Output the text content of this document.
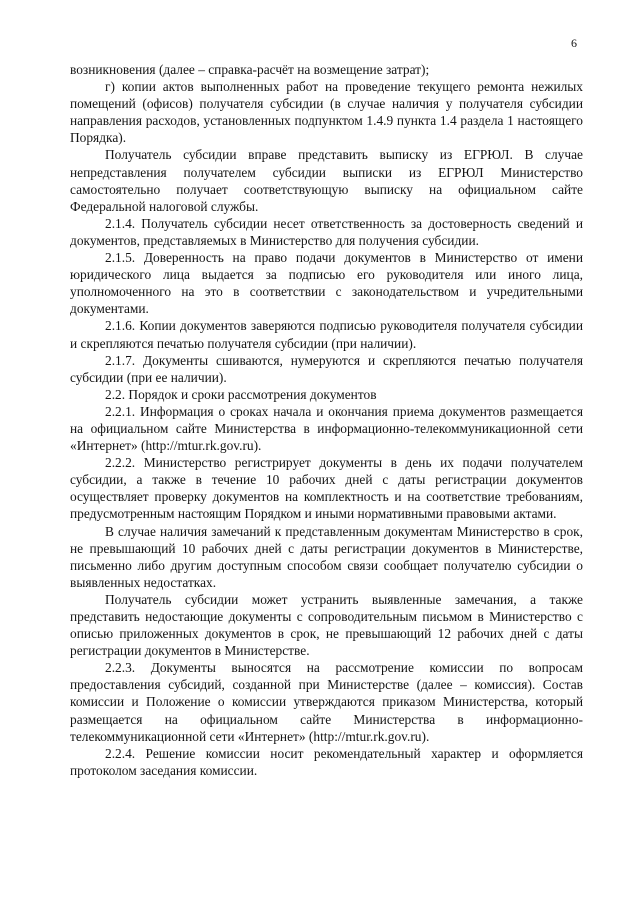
6

возникновения (далее – справка-расчёт на возмещение затрат);

г) копии актов выполненных работ на проведение текущего ремонта нежилых помещений (офисов) получателя субсидии (в случае наличия у получателя субсидии направления расходов, установленных подпунктом 1.4.9 пункта 1.4 раздела 1 настоящего Порядка).

Получатель субсидии вправе представить выписку из ЕГРЮЛ. В случае непредставления получателем субсидии выписки из ЕГРЮЛ Министерство самостоятельно получает соответствующую выписку на официальном сайте Федеральной налоговой службы.

2.1.4. Получатель субсидии несет ответственность за достоверность сведений и документов, представляемых в Министерство для получения субсидии.

2.1.5. Доверенность на право подачи документов в Министерство от имени юридического лица выдается за подписью его руководителя или иного лица, уполномоченного на это в соответствии с законодательством и учредительными документами.

2.1.6. Копии документов заверяются подписью руководителя получателя субсидии и скрепляются печатью получателя субсидии (при наличии).

2.1.7. Документы сшиваются, нумеруются и скрепляются печатью получателя субсидии (при ее наличии).

2.2. Порядок и сроки рассмотрения документов

2.2.1. Информация о сроках начала и окончания приема документов размещается на официальном сайте Министерства в информационно-телекоммуникационной сети «Интернет» (http://mtur.rk.gov.ru).

2.2.2. Министерство регистрирует документы в день их подачи получателем субсидии, а также в течение 10 рабочих дней с даты регистрации документов осуществляет проверку документов на комплектность и на соответствие требованиям, предусмотренным настоящим Порядком и иными нормативными правовыми актами.

В случае наличия замечаний к представленным документам Министерство в срок, не превышающий 10 рабочих дней с даты регистрации документов в Министерстве, письменно либо другим доступным способом связи сообщает получателю субсидии о выявленных недостатках.

Получатель субсидии может устранить выявленные замечания, а также представить недостающие документы с сопроводительным письмом в Министерство с описью приложенных документов в срок, не превышающий 12 рабочих дней с даты регистрации документов в Министерстве.

2.2.3. Документы выносятся на рассмотрение комиссии по вопросам предоставления субсидий, созданной при Министерстве (далее – комиссия). Состав комиссии и Положение о комиссии утверждаются приказом Министерства, который размещается на официальном сайте Министерства в информационно-телекоммуникационной сети «Интернет» (http://mtur.rk.gov.ru).

2.2.4. Решение комиссии носит рекомендательный характер и оформляется протоколом заседания комиссии.
